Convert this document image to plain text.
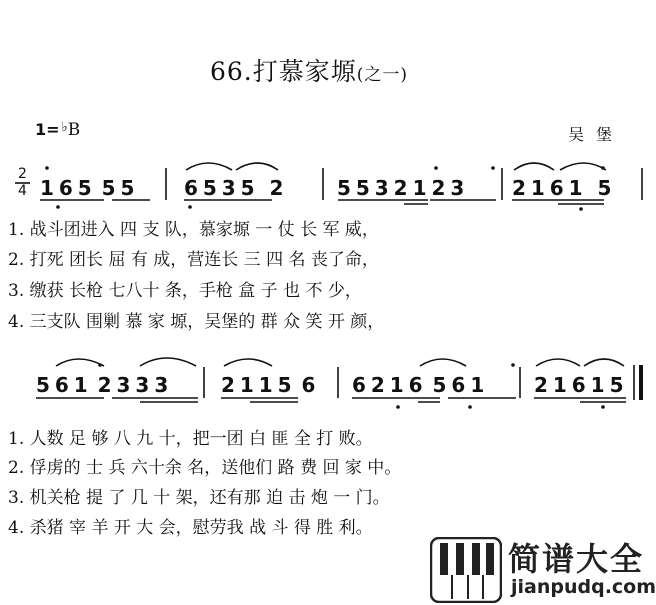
66.打慕家塬(之一)
1= ♭B	吴堡
2
4 1 6 5 5 5 6 5 3 5 2	5 5 3 2 1 2 3 2 1 6 1 5
1. 战斗团进入 四 支 队，慕家塬 一 仗 长 军 威，
2. 打死 团长 屈 有 成，营连长 三 四 名 丧了命，
3. 缴获 长枪 七八十 条，手枪 盒 子 也 不 少，
4. 三支队 围剿 慕 家 塬，吴堡的 群 众 笑 开 颜，
5 6 1 2 3 3 3	2 1 1 5 6 6 2 1 6 5 6 1 2 1 6 1 5
1. 人数 足 够 八 九 十，把一团 白 匪 全 打 败。
2. 俘虏的 士 兵 六十余 名，送他们 路 费 回 家 中。
3. 机关枪 提 了 几 十 架，还有那 迫 击 炮 一 门。
4. 杀猪 宰 羊 开 大 会，慰劳我 战 斗 得 胜 利。
简谱大全
jianpudq.com
